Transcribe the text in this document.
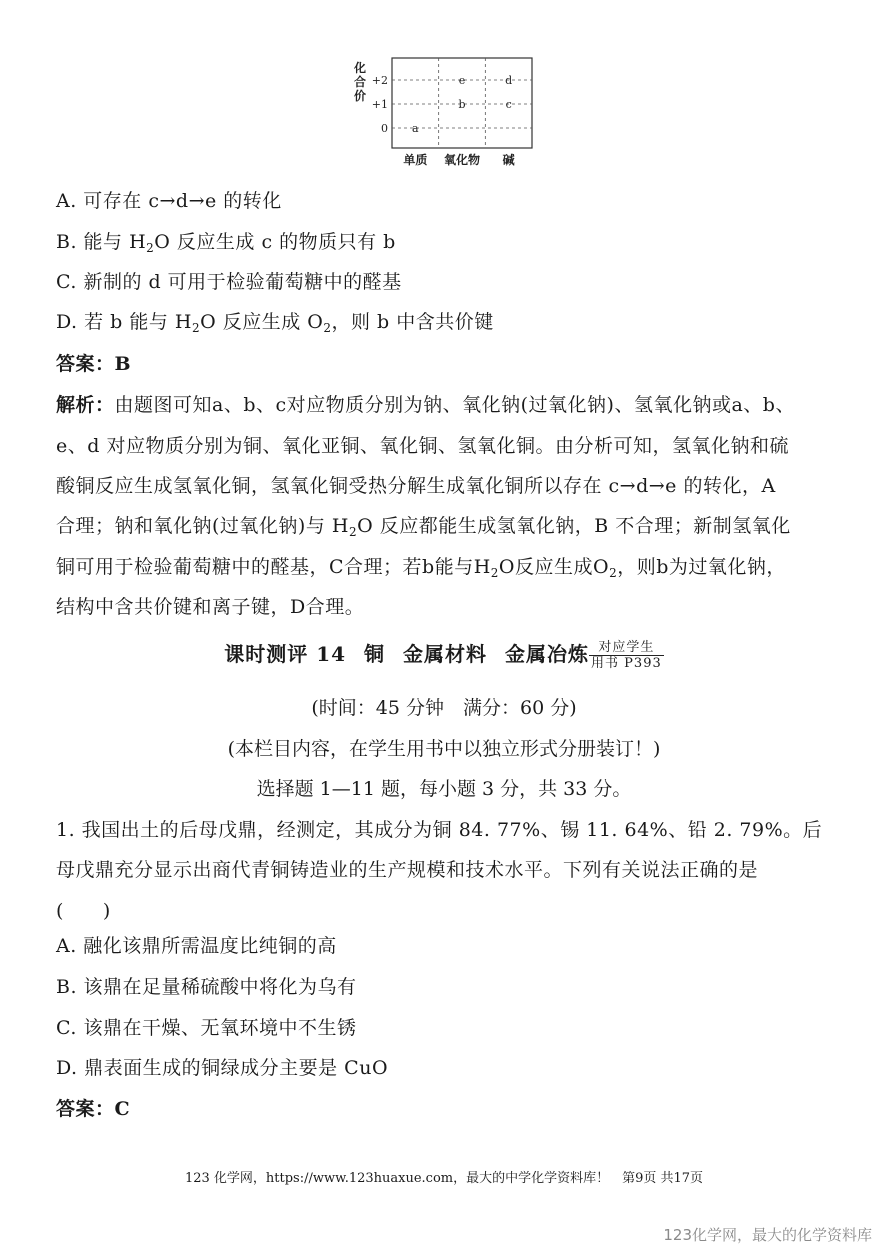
化
合
价
+2
+1
0
单质 氧化物 碱
a
e
b
d
c
A. 可存在 c→d→e 的转化
B. 能与 $H_2O$ 反应生成 c 的物质只有 b
C. 新制的 d 可用于检验葡萄糖中的醛基
D. 若 b 能与 $H_2O$ 反应生成 $O_2$，则 b 中含共价键
答案：B
解析：由题图可知a、b、c对应物质分别为钠、氧化钠(过氧化钠)、氢氧化钠或a、b、
e、d 对应物质分别为铜、氧化亚铜、氧化铜、氢氧化铜。由分析可知，氢氧化钠和硫
酸铜反应生成氢氧化铜，氢氧化铜受热分解生成氧化铜所以存在 c→d→e 的转化，A
合理；钠和氧化钠(过氧化钠)与 $H_2O$ 反应都能生成氢氧化钠，B 不合理；新制氢氧化
铜可用于检验葡萄糖中的醛基，C合理；若b能与$H_2O$反应生成$O_2$，则b为过氧化钠，
结构中含共价键和离子键，D合理。
课时测评 14 铜 金属材料 金属冶炼 $\frac{\text{对应学生}}{\text{用书 P393}}$
(时间：45 分钟　满分：60 分)
(本栏目内容，在学生用书中以独立形式分册装订！)
选择题 1—11 题，每小题 3 分，共 33 分。
1. 我国出土的后母戊鼎，经测定，其成分为铜 84. 77%、锡 11. 64%、铅 2. 79%。后
母戊鼎充分显示出商代青铜铸造业的生产规模和技术水平。下列有关说法正确的是
(　　)
A. 融化该鼎所需温度比纯铜的高
B. 该鼎在足量稀硫酸中将化为乌有
C. 该鼎在干燥、无氧环境中不生锈
D. 鼎表面生成的铜绿成分主要是 CuO
答案：C
123 化学网，https://www.123huaxue.com，最大的中学化学资料库！　第9页 共17页
123化学网，最大的化学资料库
